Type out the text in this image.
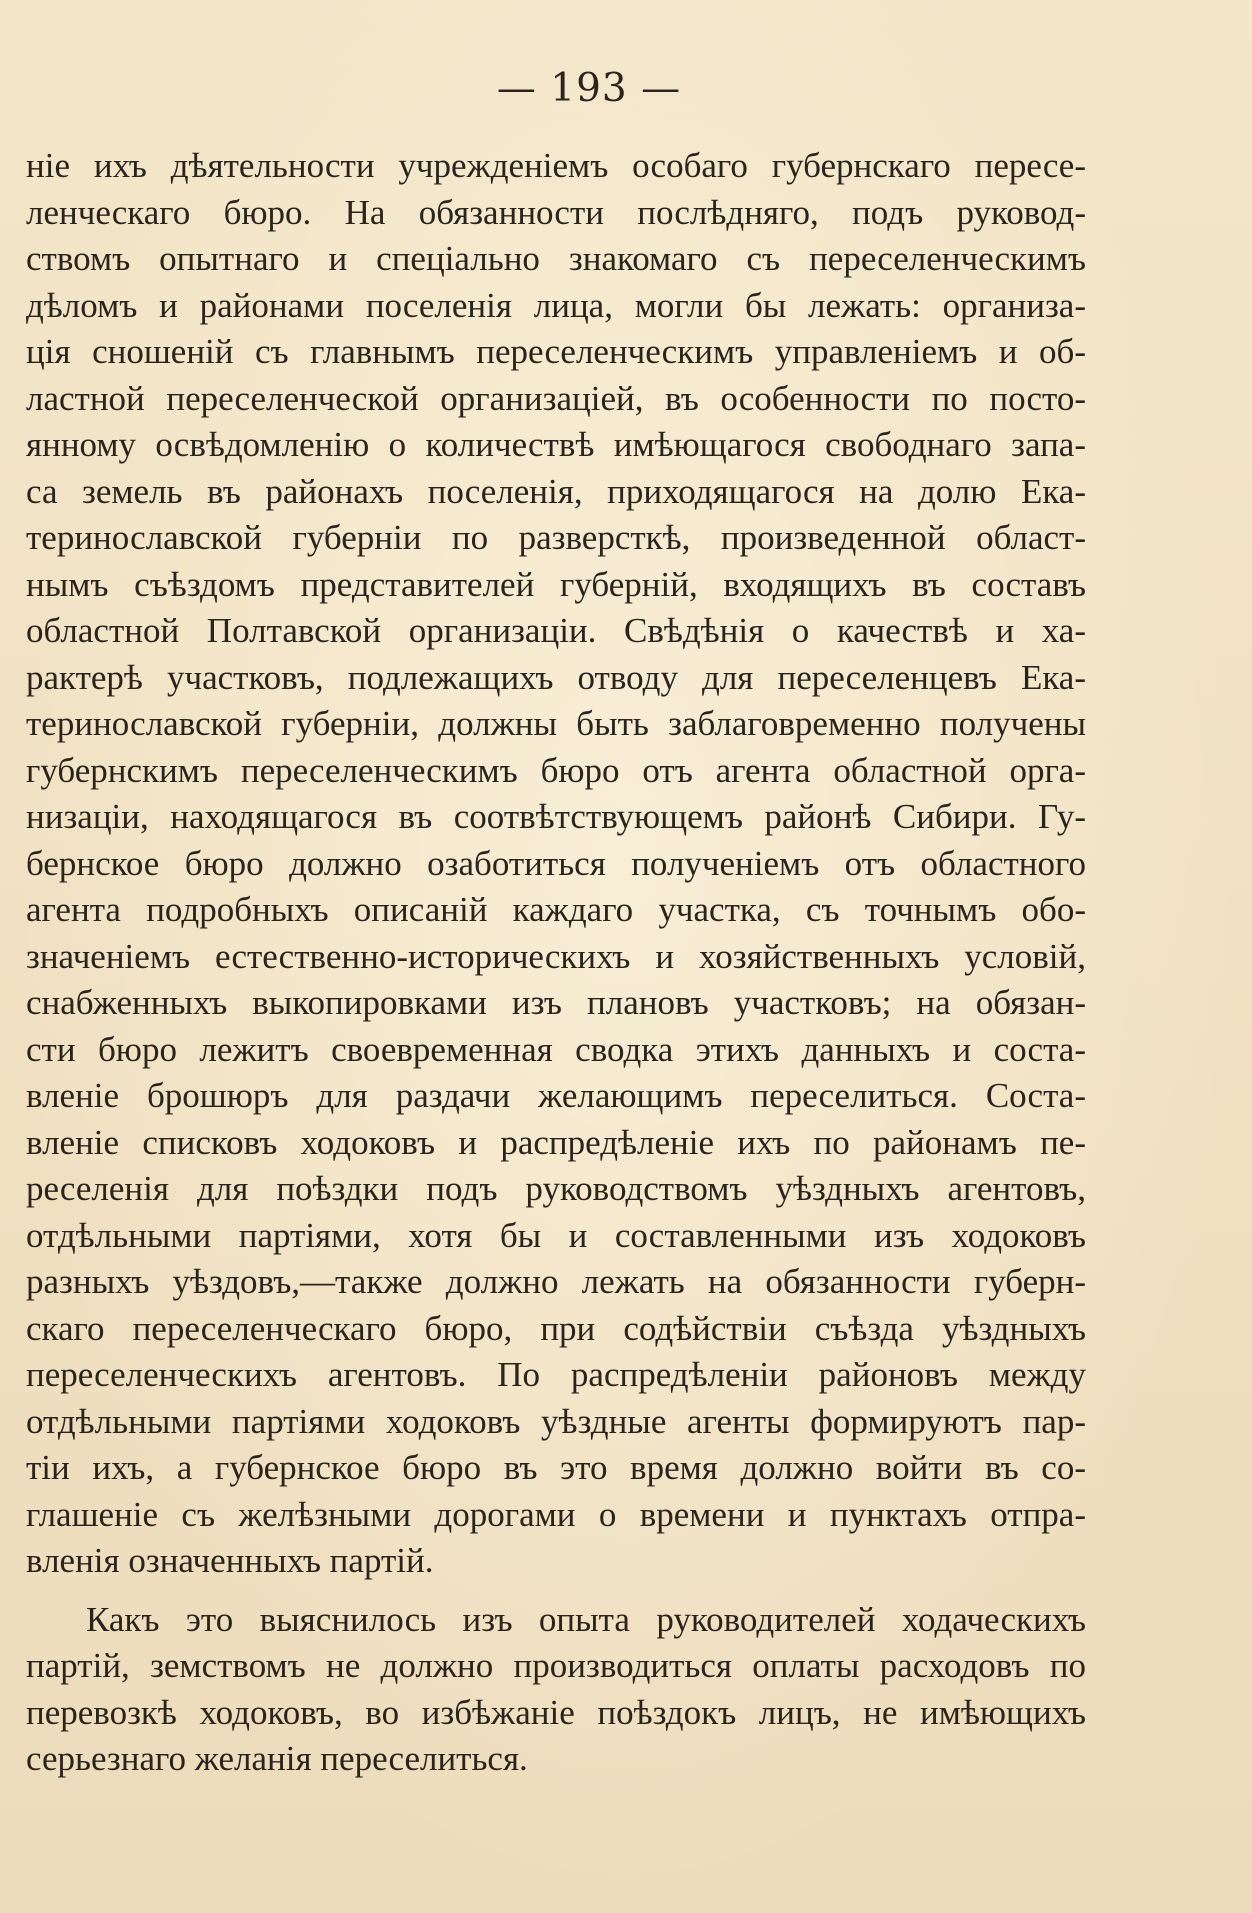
— 193 —
ніе ихъ дѣятельности учрежденіемъ особаго губернскаго пересе-
ленческаго бюро. На обязанности послѣдняго, подъ руковод-
ствомъ опытнаго и спеціально знакомаго съ переселенческимъ
дѣломъ и районами поселенія лица, могли бы лежать: организа-
ція сношеній съ главнымъ переселенческимъ управленіемъ и об-
ластной переселенческой организаціей, въ особенности по посто-
янному освѣдомленію о количествѣ имѣющагося свободнаго запа-
са земель въ районахъ поселенія, приходящагося на долю Ека-
теринославской губерніи по разверсткѣ, произведенной област-
нымъ съѣздомъ представителей губерній, входящихъ въ составъ
областной Полтавской организаціи. Свѣдѣнія о качествѣ и ха-
рактерѣ участковъ, подлежащихъ отводу для переселенцевъ Ека-
теринославской губерніи, должны быть заблаговременно получены
губернскимъ переселенческимъ бюро отъ агента областной орга-
низаціи, находящагося въ соотвѣтствующемъ районѣ Сибири. Гу-
бернское бюро должно озаботиться полученіемъ отъ областного
агента подробныхъ описаній каждаго участка, съ точнымъ обо-
значеніемъ естественно-историческихъ и хозяйственныхъ условій,
снабженныхъ выкопировками изъ плановъ участковъ; на обязан-
сти бюро лежитъ своевременная сводка этихъ данныхъ и соста-
вленіе брошюръ для раздачи желающимъ переселиться. Соста-
вленіе списковъ ходоковъ и распредѣленіе ихъ по районамъ пе-
реселенія для поѣздки подъ руководствомъ уѣздныхъ агентовъ,
отдѣльными партіями, хотя бы и составленными изъ ходоковъ
разныхъ уѣздовъ,—также должно лежать на обязанности губерн-
скаго переселенческаго бюро, при содѣйствіи съѣзда уѣздныхъ
переселенческихъ агентовъ. По распредѣленіи районовъ между
отдѣльными партіями ходоковъ уѣздные агенты формируютъ пар-
тіи ихъ, а губернское бюро въ это время должно войти въ со-
глашеніе съ желѣзными дорогами о времени и пунктахъ отпра-
вленія означенныхъ партій.
Какъ это выяснилось изъ опыта руководителей ходаческихъ
партій, земствомъ не должно производиться оплаты расходовъ по
перевозкѣ ходоковъ, во избѣжаніе поѣздокъ лицъ, не имѣющихъ
серьезнаго желанія переселиться.
